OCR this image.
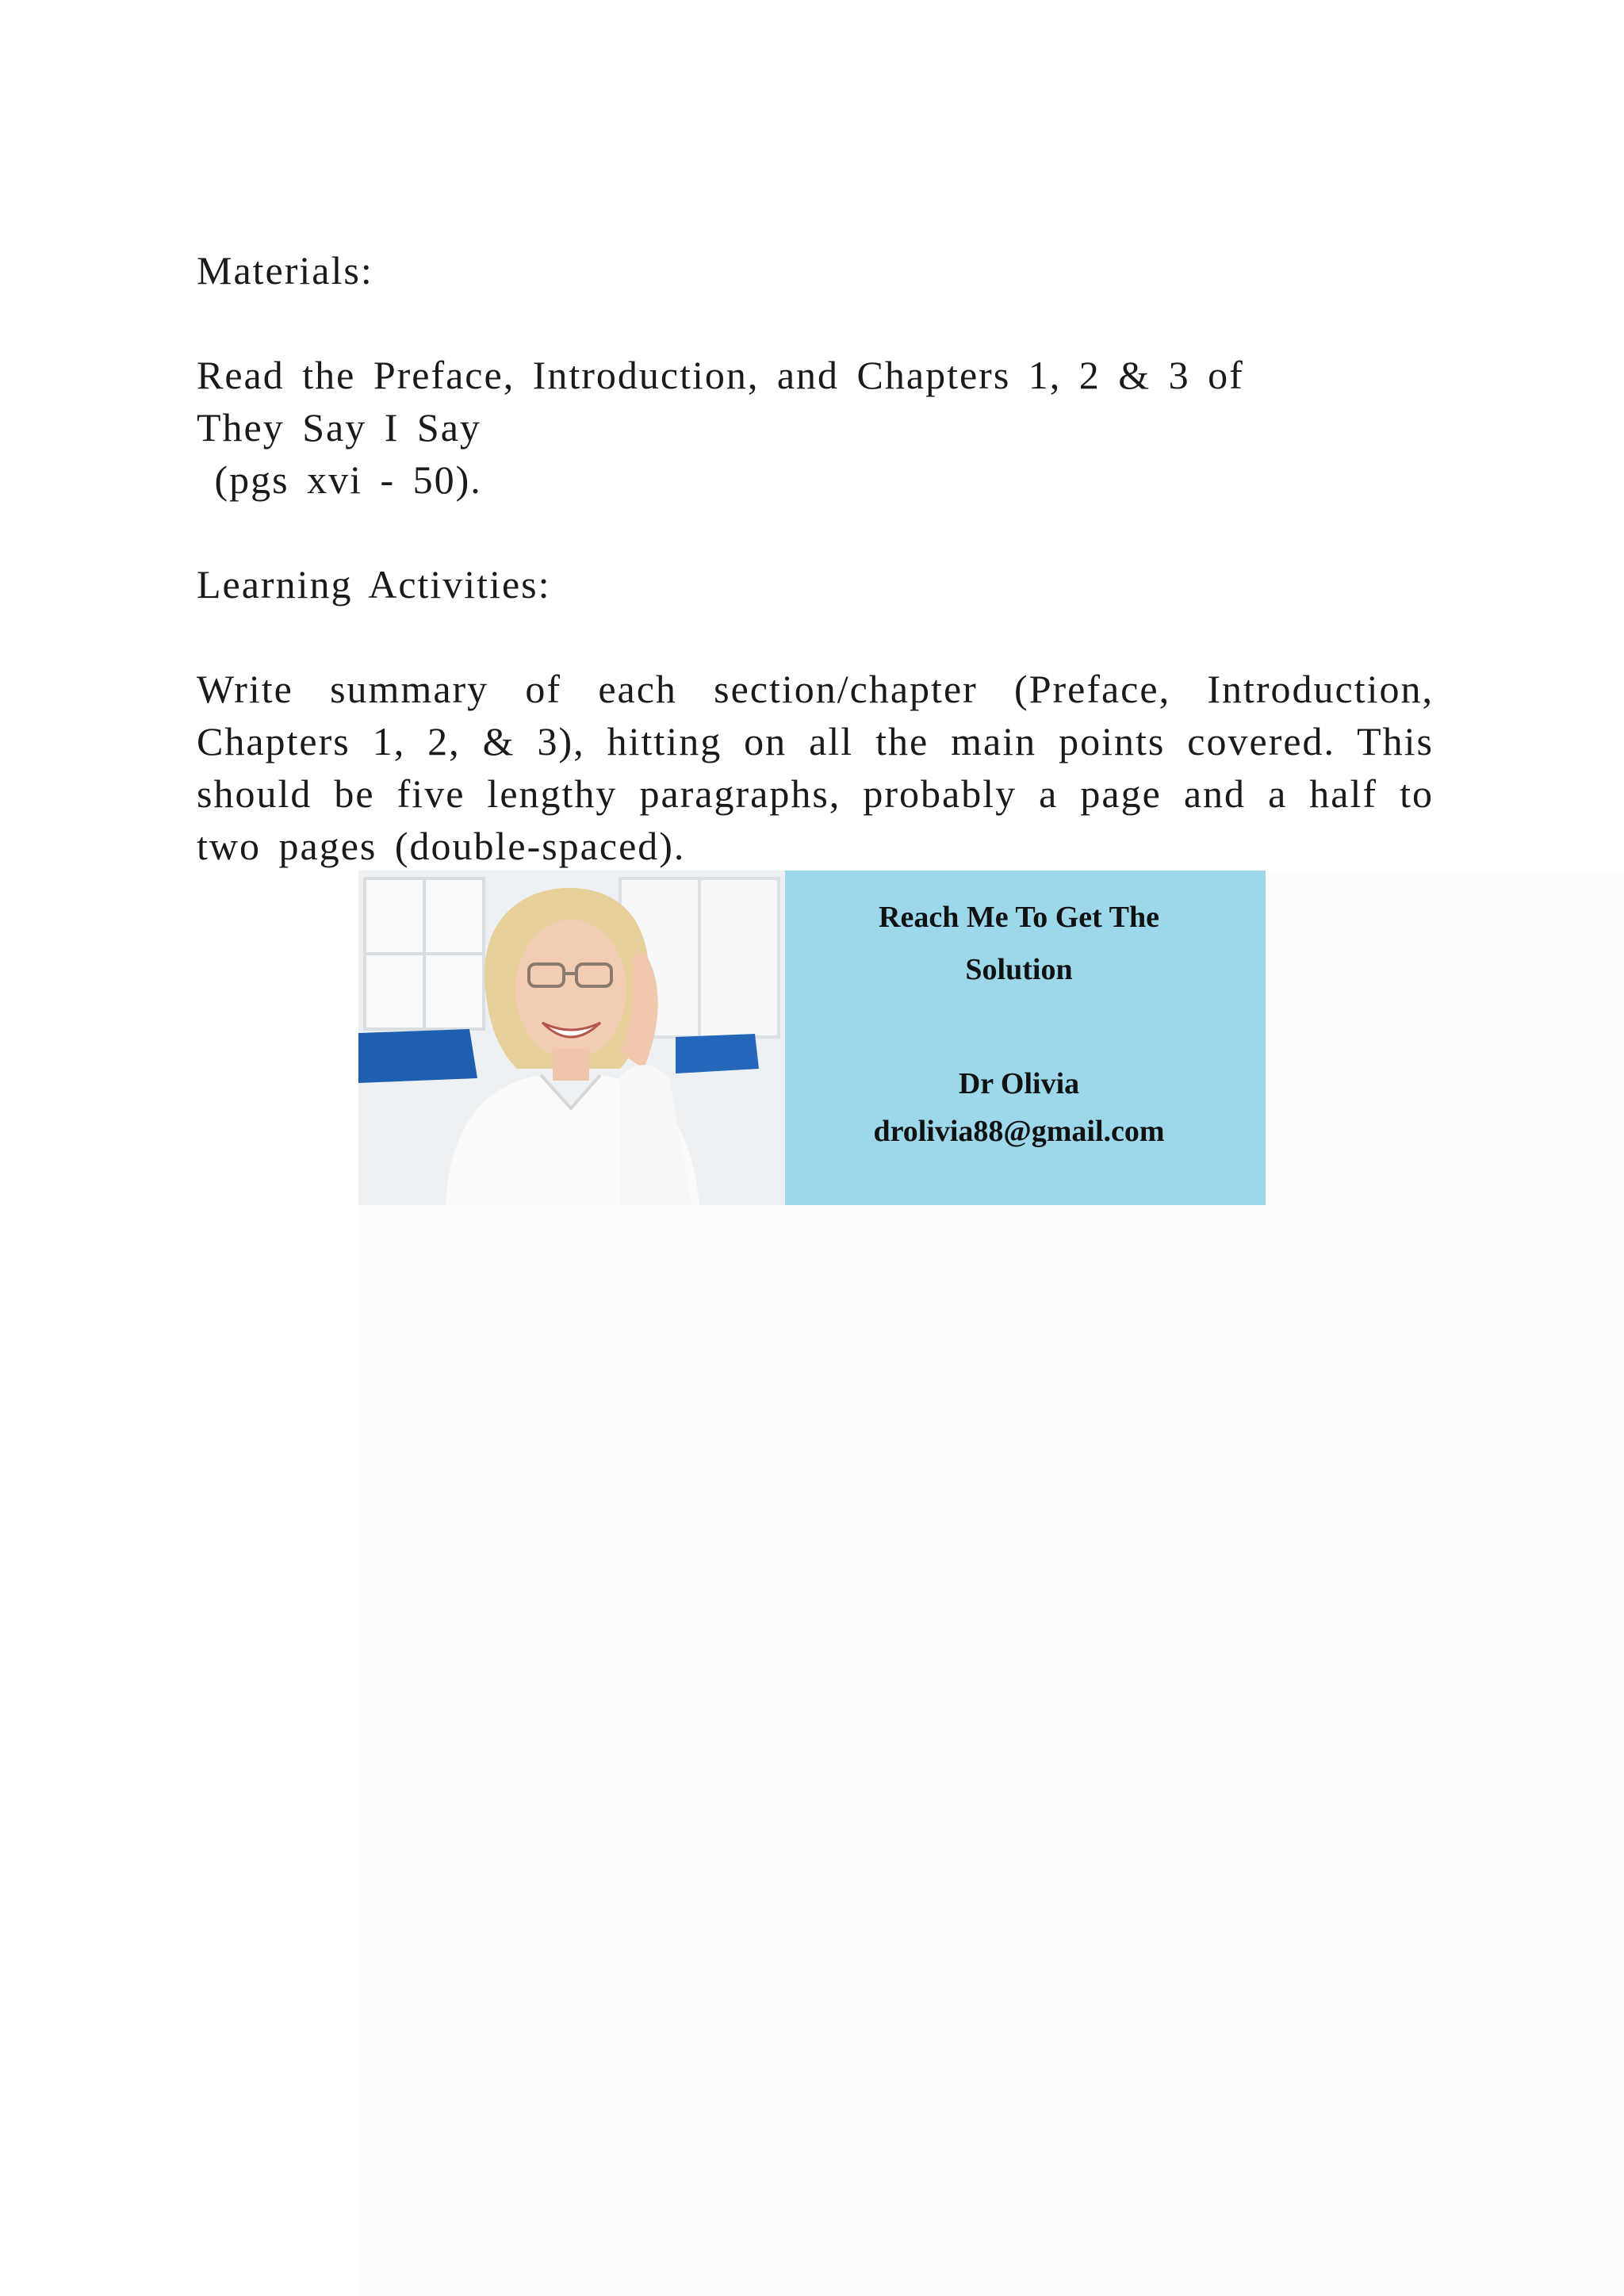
Materials:

Read the Preface, Introduction, and Chapters 1, 2 & 3 of

They Say I Say

(pgs xvi - 50).

Learning Activities:

Write summary of each section/chapter (Preface, Introduction,
Chapters 1, 2, & 3), hitting on all the main points covered. This
should be five lengthy paragraphs, probably a page and a half to
two pages (double-spaced).
Reach Me To Get The
Solution
Dr Olivia
drolivia88@gmail.com
